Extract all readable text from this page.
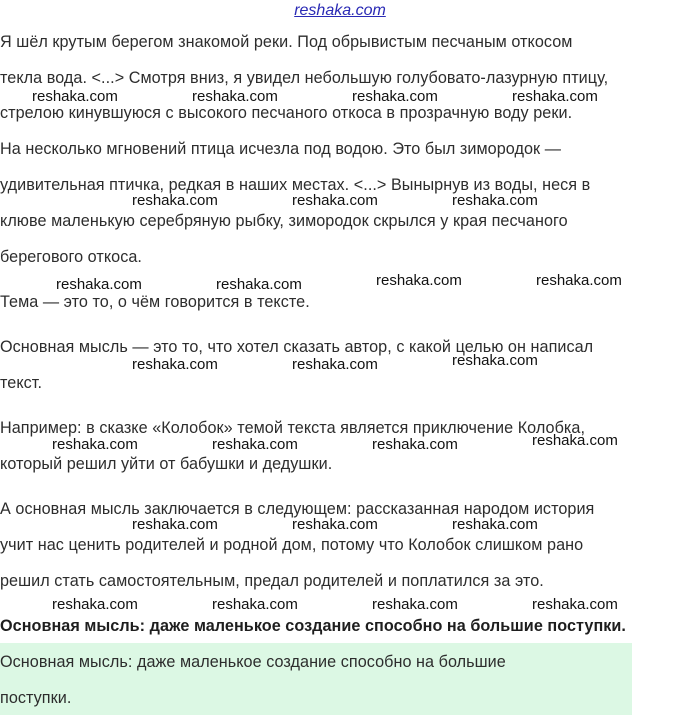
reshaka.com
Я шёл крутым берегом знакомой реки. Под обрывистым песчаным откосом
текла вода. <...> Смотря вниз, я увидел небольшую голубовато-лазурную птицу,
стрелою кинувшуюся с высокого песчаного откоса в прозрачную воду реки.
На несколько мгновений птица исчезла под водою. Это был зимородок —
удивительная птичка, редкая в наших местах. <...> Вынырнув из воды, неся в
клюве маленькую серебряную рыбку, зимородок скрылся у края песчаного
берегового откоса.
Тема — это то, о чём говорится в тексте.
Основная мысль — это то, что хотел сказать автор, с какой целью он написал
текст.
Например: в сказке «Колобок» темой текста является приключение Колобка,
который решил уйти от бабушки и дедушки.
А основная мысль заключается в следующем: рассказанная народом история
учит нас ценить родителей и родной дом, потому что Колобок слишком рано
решил стать самостоятельным, предал родителей и поплатился за это.
Основная мысль: даже маленькое создание способно на большие поступки.
Основная мысль: даже маленькое создание способно на большие
поступки.
reshaka.com	reshaka.com	reshaka.com	reshaka.com
reshaka.com	reshaka.com	reshaka.com
reshaka.com	reshaka.com	reshaka.com	reshaka.com
reshaka.com	reshaka.com	reshaka.com
reshaka.com	reshaka.com	reshaka.com	reshaka.com
reshaka.com	reshaka.com	reshaka.com
reshaka.com	reshaka.com	reshaka.com	reshaka.com
